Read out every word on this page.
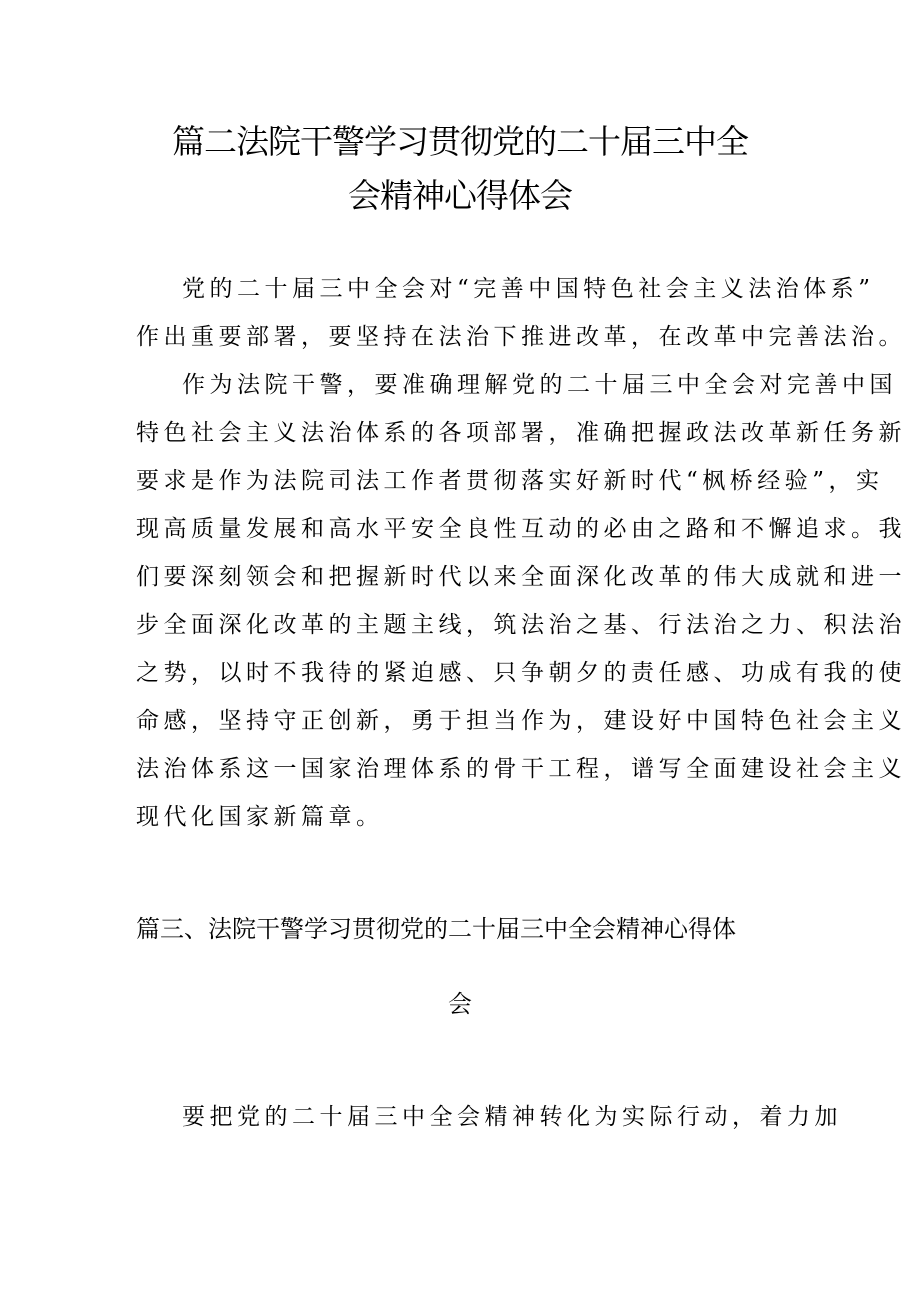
篇二法院干警学习贯彻党的二十届三中全
会精神心得体会
党的二十届三中全会对“完善中国特色社会主义法治体系”
作出重要部署，要坚持在法治下推进改革，在改革中完善法治。
作为法院干警，要准确理解党的二十届三中全会对完善中国
特色社会主义法治体系的各项部署，准确把握政法改革新任务新
要求是作为法院司法工作者贯彻落实好新时代“枫桥经验”，实
现高质量发展和高水平安全良性互动的必由之路和不懈追求。我
们要深刻领会和把握新时代以来全面深化改革的伟大成就和进一
步全面深化改革的主题主线，筑法治之基、行法治之力、积法治
之势，以时不我待的紧迫感、只争朝夕的责任感、功成有我的使
命感，坚持守正创新，勇于担当作为，建设好中国特色社会主义
法治体系这一国家治理体系的骨干工程，谱写全面建设社会主义
现代化国家新篇章。
篇三、法院干警学习贯彻党的二十届三中全会精神心得体
会
要把党的二十届三中全会精神转化为实际行动，着力加
